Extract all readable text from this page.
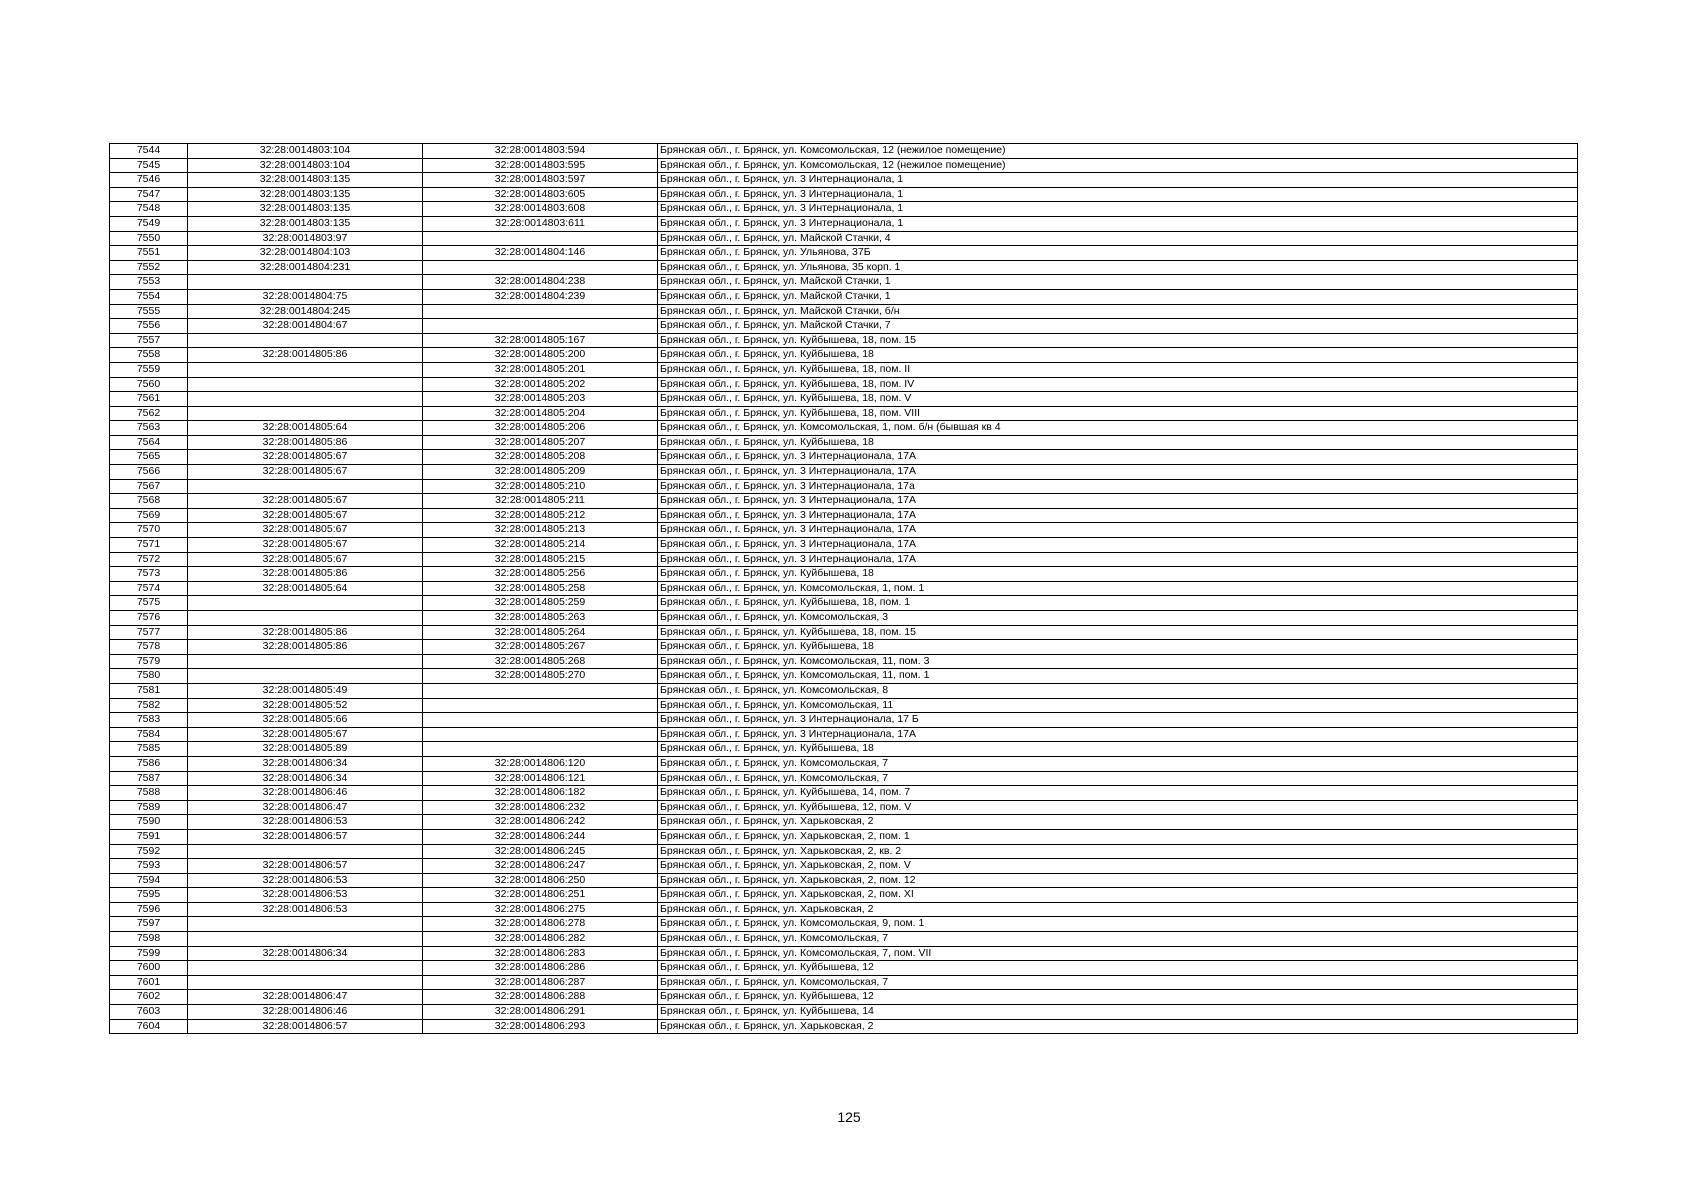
7544	32:28:0014803:104	32:28:0014803:594	Брянская обл., г. Брянск, ул. Комсомольская, 12 (нежилое помещение)
7545	32:28:0014803:104	32:28:0014803:595	Брянская обл., г. Брянск, ул. Комсомольская, 12 (нежилое помещение)
7546	32:28:0014803:135	32:28:0014803:597	Брянская обл., г. Брянск, ул. 3 Интернационала, 1
7547	32:28:0014803:135	32:28:0014803:605	Брянская обл., г. Брянск, ул. 3 Интернационала, 1
7548	32:28:0014803:135	32:28:0014803:608	Брянская обл., г. Брянск, ул. 3 Интернационала, 1
7549	32:28:0014803:135	32:28:0014803:611	Брянская обл., г. Брянск, ул. 3 Интернационала, 1
7550	32:28:0014803:97		Брянская обл., г. Брянск, ул. Майской Стачки, 4
7551	32:28:0014804:103	32:28:0014804:146	Брянская обл., г. Брянск, ул. Ульянова, 37Б
7552	32:28:0014804:231		Брянская обл., г. Брянск, ул. Ульянова, 35 корп. 1
7553		32:28:0014804:238	Брянская обл., г. Брянск, ул. Майской Стачки, 1
7554	32:28:0014804:75	32:28:0014804:239	Брянская обл., г. Брянск, ул. Майской Стачки, 1
7555	32:28:0014804:245		Брянская обл., г. Брянск, ул. Майской Стачки, б/н
7556	32:28:0014804:67		Брянская обл., г. Брянск, ул. Майской Стачки, 7
7557		32:28:0014805:167	Брянская обл., г. Брянск, ул. Куйбышева, 18, пом. 15
7558	32:28:0014805:86	32:28:0014805:200	Брянская обл., г. Брянск, ул. Куйбышева, 18
7559		32:28:0014805:201	Брянская обл., г. Брянск, ул. Куйбышева, 18, пом. II
7560		32:28:0014805:202	Брянская обл., г. Брянск, ул. Куйбышева, 18, пом. IV
7561		32:28:0014805:203	Брянская обл., г. Брянск, ул. Куйбышева, 18, пом. V
7562		32:28:0014805:204	Брянская обл., г. Брянск, ул. Куйбышева, 18, пом. VIII
7563	32:28:0014805:64	32:28:0014805:206	Брянская обл., г. Брянск, ул. Комсомольская, 1, пом. б/н (бывшая кв 4
7564	32:28:0014805:86	32:28:0014805:207	Брянская обл., г. Брянск, ул. Куйбышева, 18
7565	32:28:0014805:67	32:28:0014805:208	Брянская обл., г. Брянск, ул. 3 Интернационала, 17А
7566	32:28:0014805:67	32:28:0014805:209	Брянская обл., г. Брянск, ул. 3 Интернационала, 17А
7567		32:28:0014805:210	Брянская обл., г. Брянск, ул. 3 Интернационала, 17а
7568	32:28:0014805:67	32:28:0014805:211	Брянская обл., г. Брянск, ул. 3 Интернационала, 17А
7569	32:28:0014805:67	32:28:0014805:212	Брянская обл., г. Брянск, ул. 3 Интернационала, 17А
7570	32:28:0014805:67	32:28:0014805:213	Брянская обл., г. Брянск, ул. 3 Интернационала, 17А
7571	32:28:0014805:67	32:28:0014805:214	Брянская обл., г. Брянск, ул. 3 Интернационала, 17А
7572	32:28:0014805:67	32:28:0014805:215	Брянская обл., г. Брянск, ул. 3 Интернационала, 17А
7573	32:28:0014805:86	32:28:0014805:256	Брянская обл., г. Брянск, ул. Куйбышева, 18
7574	32:28:0014805:64	32:28:0014805:258	Брянская обл., г. Брянск, ул. Комсомольская, 1, пом. 1
7575		32:28:0014805:259	Брянская обл., г. Брянск, ул. Куйбышева, 18, пом. 1
7576		32:28:0014805:263	Брянская обл., г. Брянск, ул. Комсомольская, 3
7577	32:28:0014805:86	32:28:0014805:264	Брянская обл., г. Брянск, ул. Куйбышева, 18, пом. 15
7578	32:28:0014805:86	32:28:0014805:267	Брянская обл., г. Брянск, ул. Куйбышева, 18
7579		32:28:0014805:268	Брянская обл., г. Брянск, ул. Комсомольская, 11, пом. 3
7580		32:28:0014805:270	Брянская обл., г. Брянск, ул. Комсомольская, 11, пом. 1
7581	32:28:0014805:49		Брянская обл., г. Брянск, ул. Комсомольская, 8
7582	32:28:0014805:52		Брянская обл., г. Брянск, ул. Комсомольская, 11
7583	32:28:0014805:66		Брянская обл., г. Брянск, ул. 3 Интернационала, 17 Б
7584	32:28:0014805:67		Брянская обл., г. Брянск, ул. 3 Интернационала, 17А
7585	32:28:0014805:89		Брянская обл., г. Брянск, ул. Куйбышева, 18
7586	32:28:0014806:34	32:28:0014806:120	Брянская обл., г. Брянск, ул. Комсомольская, 7
7587	32:28:0014806:34	32:28:0014806:121	Брянская обл., г. Брянск, ул. Комсомольская, 7
7588	32:28:0014806:46	32:28:0014806:182	Брянская обл., г. Брянск, ул. Куйбышева, 14, пом. 7
7589	32:28:0014806:47	32:28:0014806:232	Брянская обл., г. Брянск, ул. Куйбышева, 12, пом. V
7590	32:28:0014806:53	32:28:0014806:242	Брянская обл., г. Брянск, ул. Харьковская, 2
7591	32:28:0014806:57	32:28:0014806:244	Брянская обл., г. Брянск, ул. Харьковская, 2, пом. 1
7592		32:28:0014806:245	Брянская обл., г. Брянск, ул. Харьковская, 2, кв. 2
7593	32:28:0014806:57	32:28:0014806:247	Брянская обл., г. Брянск, ул. Харьковская, 2, пом. V
7594	32:28:0014806:53	32:28:0014806:250	Брянская обл., г. Брянск, ул. Харьковская, 2, пом. 12
7595	32:28:0014806:53	32:28:0014806:251	Брянская обл., г. Брянск, ул. Харьковская, 2, пом. XI
7596	32:28:0014806:53	32:28:0014806:275	Брянская обл., г. Брянск, ул. Харьковская, 2
7597		32:28:0014806:278	Брянская обл., г. Брянск, ул. Комсомольская, 9, пом. 1
7598		32:28:0014806:282	Брянская обл., г. Брянск, ул. Комсомольская, 7
7599	32:28:0014806:34	32:28:0014806:283	Брянская обл., г. Брянск, ул. Комсомольская, 7, пом. VII
7600		32:28:0014806:286	Брянская обл., г. Брянск, ул. Куйбышева, 12
7601		32:28:0014806:287	Брянская обл., г. Брянск, ул. Комсомольская, 7
7602	32:28:0014806:47	32:28:0014806:288	Брянская обл., г. Брянск, ул. Куйбышева, 12
7603	32:28:0014806:46	32:28:0014806:291	Брянская обл., г. Брянск, ул. Куйбышева, 14
7604	32:28:0014806:57	32:28:0014806:293	Брянская обл., г. Брянск, ул. Харьковская, 2
125
